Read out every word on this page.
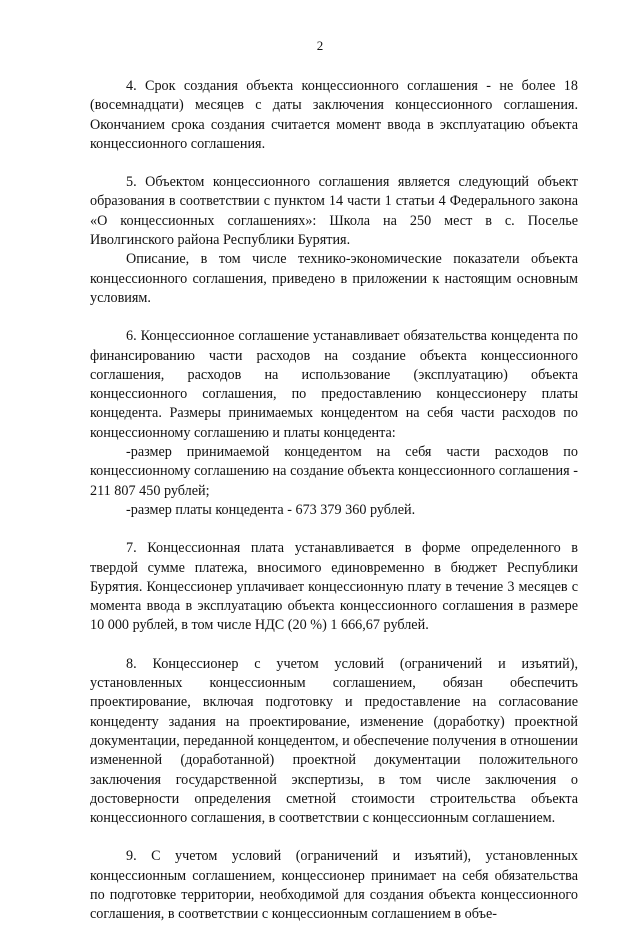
2

4. Срок создания объекта концессионного соглашения - не более 18 (восемнадцати) месяцев с даты заключения концессионного соглашения. Окончанием срока создания считается момент ввода в эксплуатацию объекта концессионного соглашения.

5. Объектом концессионного соглашения является следующий объект образования в соответствии с пунктом 14 части 1 статьи 4 Федерального закона «О концессионных соглашениях»: Школа на 250 мест в с. Поселье Иволгинского района Республики Бурятия.

Описание, в том числе технико-экономические показатели объекта концессионного соглашения, приведено в приложении к настоящим основным условиям.

6. Концессионное соглашение устанавливает обязательства концедента по финансированию части расходов на создание объекта концессионного соглашения, расходов на использование (эксплуатацию) объекта концессионного соглашения, по предоставлению концессионеру платы концедента. Размеры принимаемых концедентом на себя части расходов по концессионному соглашению и платы концедента:

-размер принимаемой концедентом на себя части расходов по концессионному соглашению на создание объекта концессионного соглашения - 211 807 450 рублей;

-размер платы концедента - 673 379 360 рублей.

7. Концессионная плата устанавливается в форме определенного в твердой сумме платежа, вносимого единовременно в бюджет Республики Бурятия. Концессионер уплачивает концессионную плату в течение 3 месяцев с момента ввода в эксплуатацию объекта концессионного соглашения в размере 10 000 рублей, в том числе НДС (20 %) 1 666,67 рублей.

8. Концессионер с учетом условий (ограничений и изъятий), установленных концессионным соглашением, обязан обеспечить проектирование, включая подготовку и предоставление на согласование концеденту задания на проектирование, изменение (доработку) проектной документации, переданной концедентом, и обеспечение получения в отношении измененной (доработанной) проектной документации положительного заключения государственной экспертизы, в том числе заключения о достоверности определения сметной стоимости строительства объекта концессионного соглашения, в соответствии с концессионным соглашением.

9. С учетом условий (ограничений и изъятий), установленных концессионным соглашением, концессионер принимает на себя обязательства по подготовке территории, необходимой для создания объекта концессионного соглашения, в соответствии с концессионным соглашением в объе-
